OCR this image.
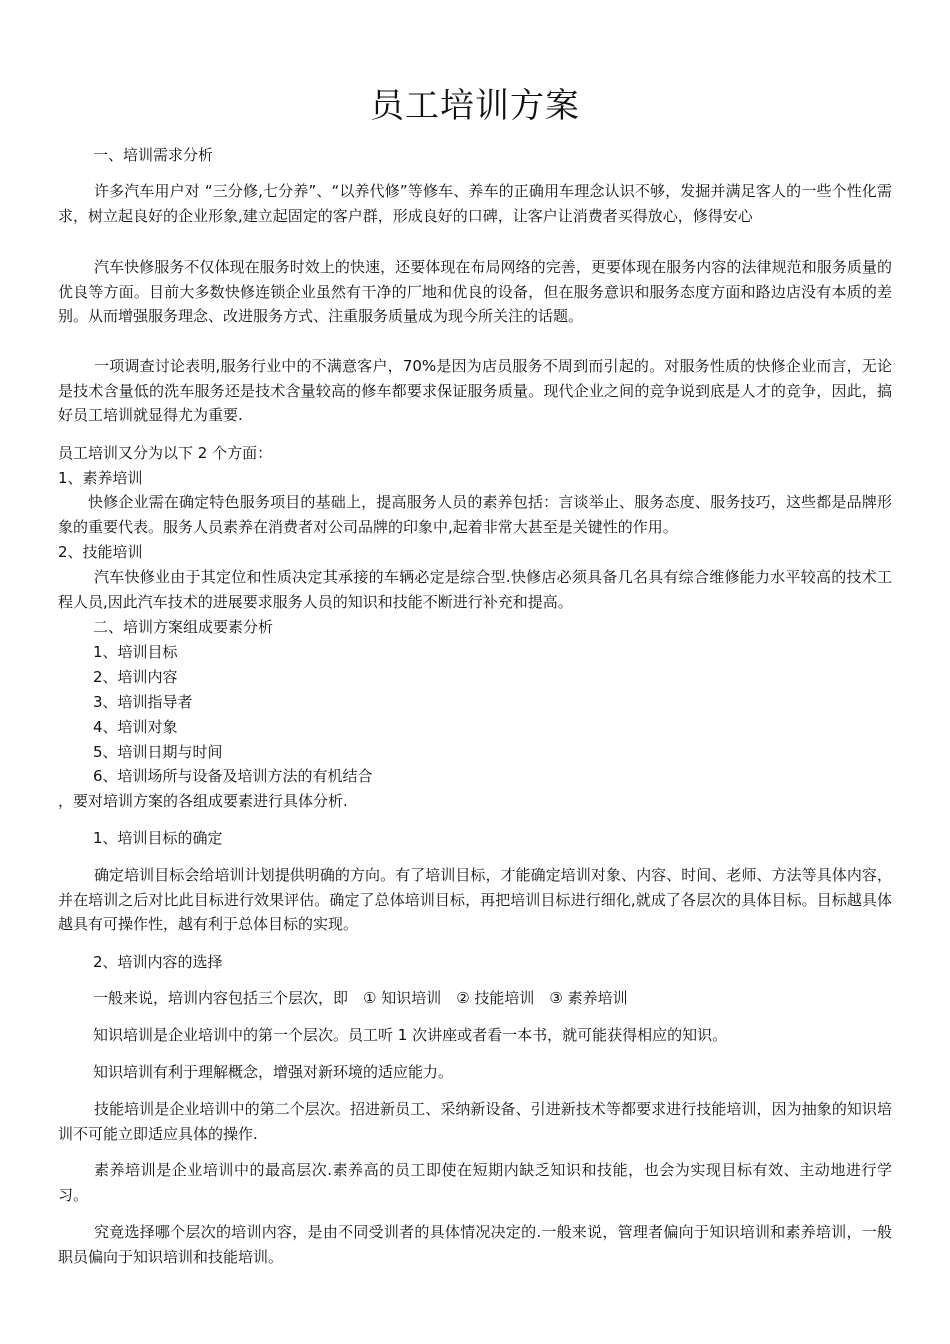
员工培训方案

一、培训需求分析

许多汽车用户对 “三分修,七分养”、“以养代修”等修车、养车的正确用车理念认识不够，发掘并满足客人的一些个性化需求，树立起良好的企业形象,建立起固定的客户群，形成良好的口碑，让客户让消费者买得放心，修得安心

汽车快修服务不仅体现在服务时效上的快速，还要体现在布局网络的完善，更要体现在服务内容的法律规范和服务质量的优良等方面。目前大多数快修连锁企业虽然有干净的厂地和优良的设备，但在服务意识和服务态度方面和路边店没有本质的差别。从而增强服务理念、改进服务方式、注重服务质量成为现今所关注的话题。

一项调查讨论表明,服务行业中的不满意客户，70%是因为店员服务不周到而引起的。对服务性质的快修企业而言，无论是技术含量低的洗车服务还是技术含量较高的修车都要求保证服务质量。现代企业之间的竞争说到底是人才的竞争，因此，搞好员工培训就显得尤为重要.

员工培训又分为以下 2 个方面：

1、素养培训

快修企业需在确定特色服务项目的基础上，提高服务人员的素养包括：言谈举止、服务态度、服务技巧，这些都是品牌形象的重要代表。服务人员素养在消费者对公司品牌的印象中,起着非常大甚至是关键性的作用。

2、技能培训

汽车快修业由于其定位和性质决定其承接的车辆必定是综合型.快修店必须具备几名具有综合维修能力水平较高的技术工程人员,因此汽车技术的进展要求服务人员的知识和技能不断进行补充和提高。

二、培训方案组成要素分析

1、培训目标

2、培训内容

3、培训指导者

4、培训对象

5、培训日期与时间

6、培训场所与设备及培训方法的有机结合

，要对培训方案的各组成要素进行具体分析.

1、培训目标的确定

确定培训目标会给培训计划提供明确的方向。有了培训目标，才能确定培训对象、内容、时间、老师、方法等具体内容，并在培训之后对比此目标进行效果评估。确定了总体培训目标，再把培训目标进行细化,就成了各层次的具体目标。目标越具体越具有可操作性，越有利于总体目标的实现。

2、培训内容的选择

一般来说，培训内容包括三个层次，即　① 知识培训　② 技能培训　③ 素养培训

知识培训是企业培训中的第一个层次。员工听 1 次讲座或者看一本书，就可能获得相应的知识。

知识培训有利于理解概念，增强对新环境的适应能力。

技能培训是企业培训中的第二个层次。招进新员工、采纳新设备、引进新技术等都要求进行技能培训，因为抽象的知识培训不可能立即适应具体的操作.

素养培训是企业培训中的最高层次.素养高的员工即使在短期内缺乏知识和技能，也会为实现目标有效、主动地进行学习。

究竟选择哪个层次的培训内容，是由不同受训者的具体情况决定的.一般来说，管理者偏向于知识培训和素养培训，一般职员偏向于知识培训和技能培训。
